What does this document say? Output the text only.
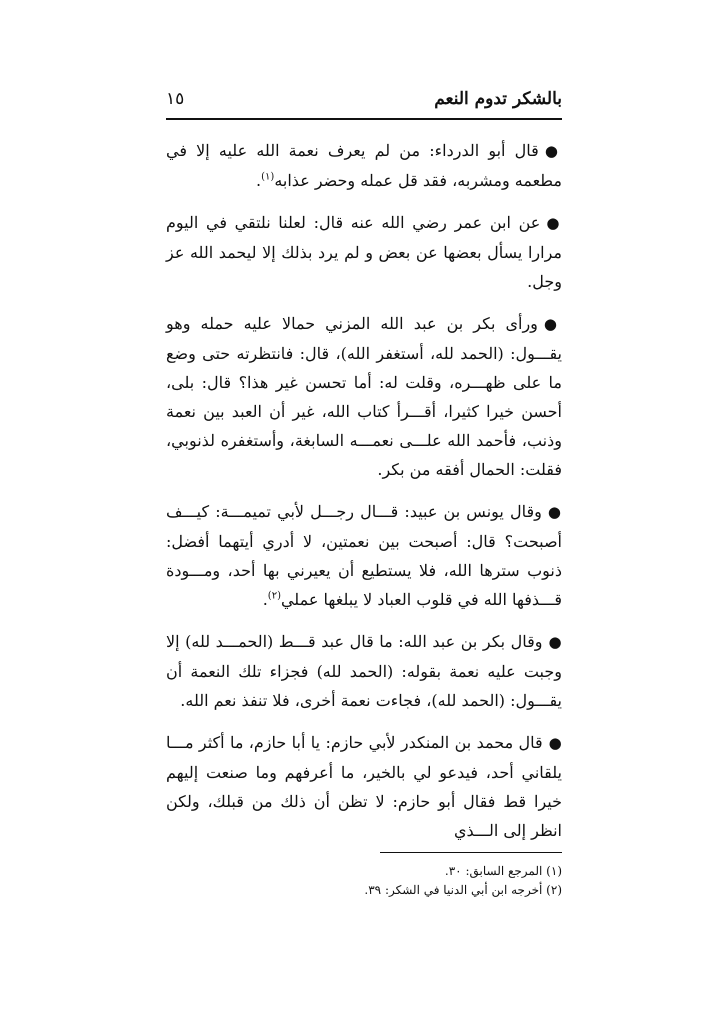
بالشكر تدوم النعم
١٥

●قال أبو الدرداء: من لم يعرف نعمة الله عليه إلا في مطعمه ومشربه، فقد قل عمله وحضر عذابه$^{(١)}$.

●عن ابن عمر رضي الله عنه قال: لعلنا نلتقي في اليوم مرارا يسأل بعضها عن بعض و لم يرد بذلك إلا ليحمد الله عز وجل.

●ورأى بكر بن عبد الله المزني حمالا عليه حمله وهو يقـــول: (الحمد لله، أستغفر الله)، قال: فانتظرته حتى وضع ما على ظهـــره، وقلت له: أما تحسن غير هذا؟ قال: بلى، أحسن خيرا كثيرا، أقـــرأ كتاب الله، غير أن العبد بين نعمة وذنب، فأحمد الله علـــى نعمـــه السابغة، وأستغفره لذنوبي، فقلت: الحمال أفقه من بكر.

●وقال يونس بن عبيد: قـــال رجـــل لأبي تميمـــة: كيـــف أصبحت؟ قال: أصبحت بين نعمتين، لا أدري أيتهما أفضل: ذنوب سترها الله، فلا يستطيع أن يعيرني بها أحد، ومـــودة قـــذفها الله في قلوب العباد لا يبلغها عملي$^{(٢)}$.

●وقال بكر بن عبد الله: ما قال عبد قـــط (الحمـــد لله) إلا وجبت عليه نعمة بقوله: (الحمد لله) فجزاء تلك النعمة أن يقـــول: (الحمد لله)، فجاءت نعمة أخرى، فلا تنفذ نعم الله.

●قال محمد بن المنكدر لأبي حازم: يا أبا حازم، ما أكثر مـــا يلقاني أحد، فيدعو لي بالخير، ما أعرفهم وما صنعت إليهم خيرا قط فقال أبو حازم: لا تظن أن ذلك من قبلك، ولكن انظر إلى الـــذي

(١) المرجع السابق: ٣٠.

(٢) أخرجه ابن أبي الدنيا في الشكر: ٣٩.
